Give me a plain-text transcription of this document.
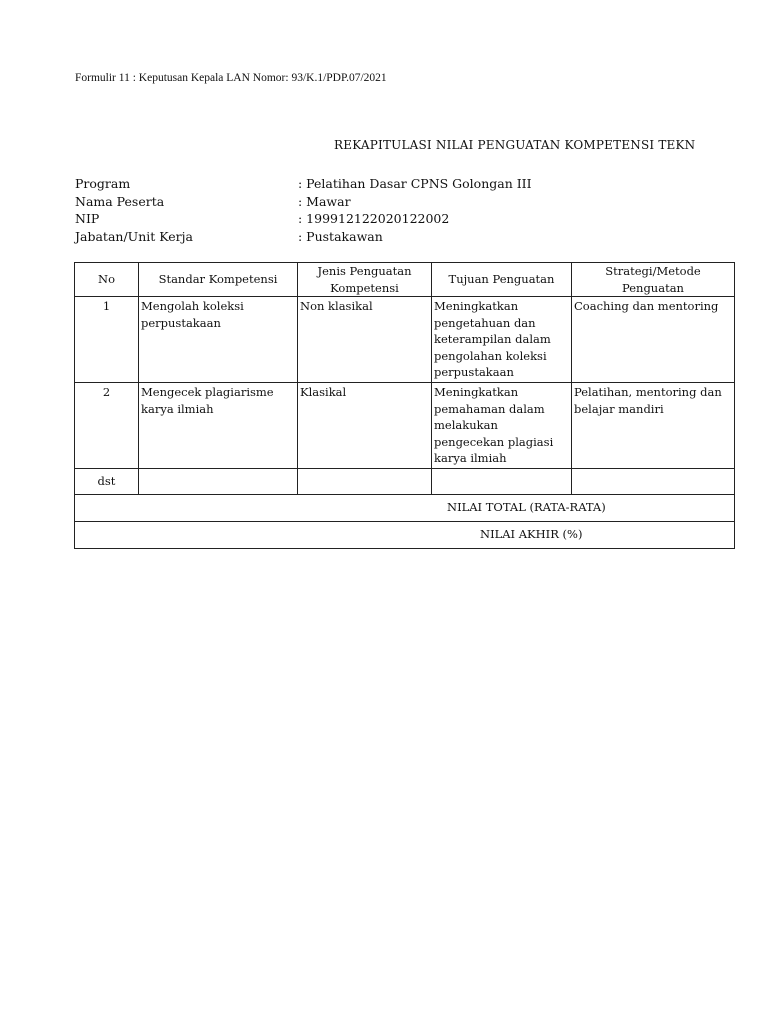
Formulir 11 : Keputusan Kepala LAN Nomor: 93/K.1/PDP.07/2021
REKAPITULASI NILAI PENGUATAN KOMPETENSI TEKN
Program	: Pelatihan Dasar CPNS Golongan III
Nama Peserta	: Mawar
NIP	: 199912122020122002
Jabatan/Unit Kerja	: Pustakawan
No	Standar Kompetensi	Jenis Penguatan Kompetensi	Tujuan Penguatan	Strategi/Metode Penguatan
1	Mengolah koleksi perpustakaan	Non klasikal	Meningkatkan pengetahuan dan keterampilan dalam pengolahan koleksi perpustakaan	Coaching dan mentoring
2	Mengecek plagiarisme karya ilmiah	Klasikal	Meningkatkan pemahaman dalam melakukan pengecekan plagiasi karya ilmiah	Pelatihan, mentoring dan belajar mandiri
dst				

NILAI TOTAL (RATA-RATA)				

NILAI AKHIR (%)				
